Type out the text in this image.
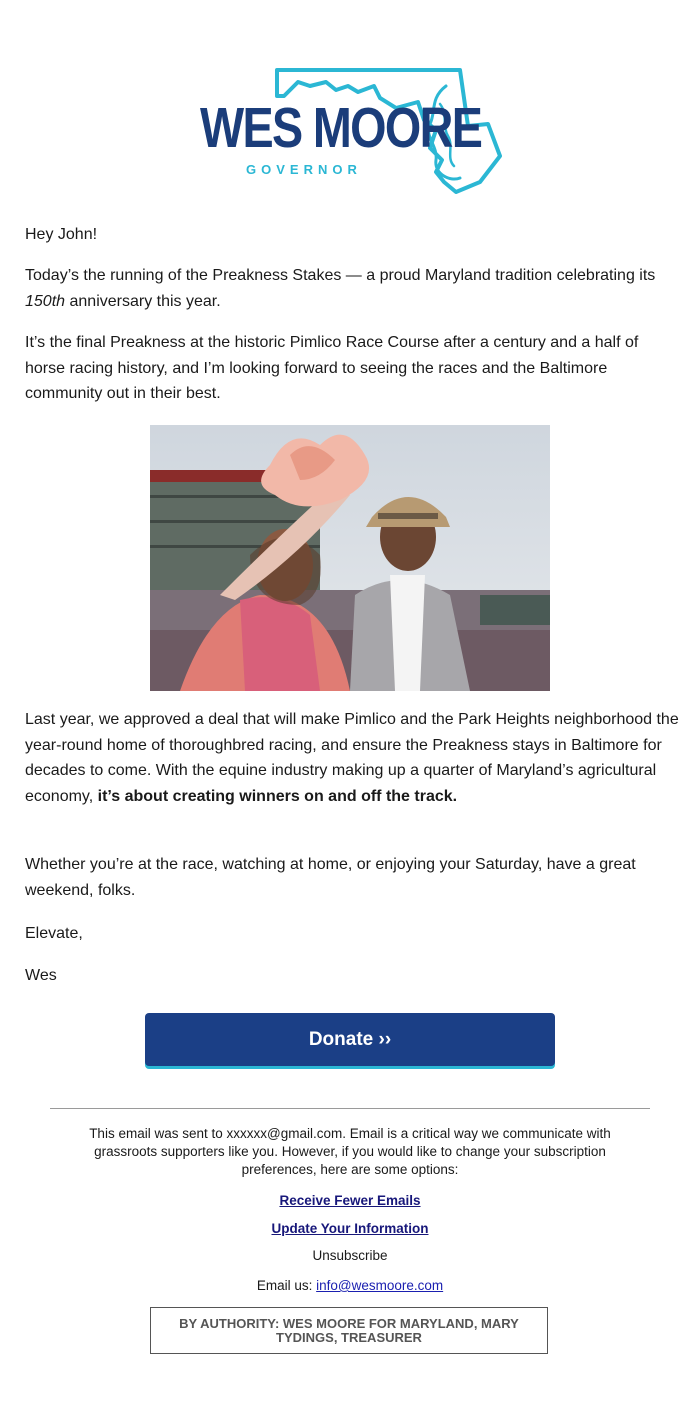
WES MOORE
GOVERNOR

Hey John!

Today’s the running of the Preakness Stakes — a proud Maryland tradition celebrating its 150th anniversary this year.

It’s the final Preakness at the historic Pimlico Race Course after a century and a half of horse racing history, and I’m looking forward to seeing the races and the Baltimore community out in their best.

Last year, we approved a deal that will make Pimlico and the Park Heights neighborhood the year-round home of thoroughbred racing, and ensure the Preakness stays in Baltimore for decades to come. With the equine industry making up a quarter of Maryland’s agricultural economy, it’s about creating winners on and off the track.

Whether you’re at the race, watching at home, or enjoying your Saturday, have a great weekend, folks.

Elevate,

Wes

Donate ››
This email was sent to xxxxxx@gmail.com. Email is a critical way we communicate with grassroots supporters like you. However, if you would like to change your subscription preferences, here are some options:
Receive Fewer Emails
Update Your Information
Unsubscribe
Email us: info@wesmoore.com
BY AUTHORITY: WES MOORE FOR MARYLAND, MARY TYDINGS, TREASURER
